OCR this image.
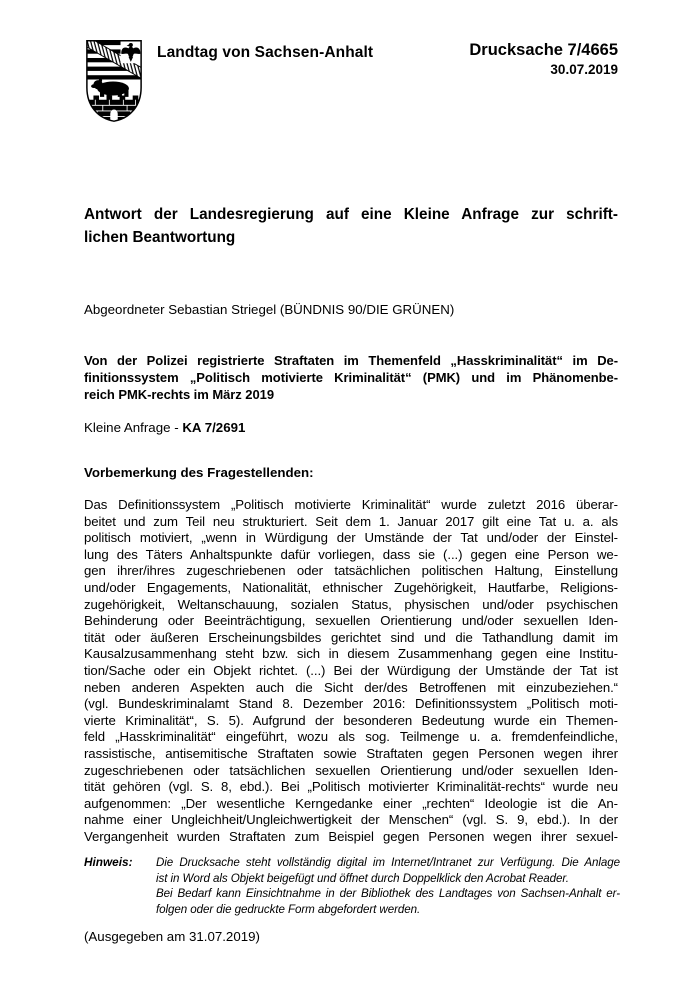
Landtag von Sachsen-Anhalt	Drucksache 7/4665
30.07.2019
Antwort der Landesregierung auf eine Kleine Anfrage zur schrift-
lichen Beantwortung
Abgeordneter Sebastian Striegel (BÜNDNIS 90/DIE GRÜNEN)
Von der Polizei registrierte Straftaten im Themenfeld „Hasskriminalität“ im De-
finitionssystem „Politisch motivierte Kriminalität“ (PMK) und im Phänomenbe-
reich PMK-rechts im März 2019
Kleine Anfrage - KA 7/2691
Vorbemerkung des Fragestellenden:
Das Definitionssystem „Politisch motivierte Kriminalität“ wurde zuletzt 2016 überar-
beitet und zum Teil neu strukturiert. Seit dem 1. Januar 2017 gilt eine Tat u. a. als
politisch motiviert, „wenn in Würdigung der Umstände der Tat und/oder der Einstel-
lung des Täters Anhaltspunkte dafür vorliegen, dass sie (...) gegen eine Person we-
gen ihrer/ihres zugeschriebenen oder tatsächlichen politischen Haltung, Einstellung
und/oder Engagements, Nationalität, ethnischer Zugehörigkeit, Hautfarbe, Religions-
zugehörigkeit, Weltanschauung, sozialen Status, physischen und/oder psychischen
Behinderung oder Beeinträchtigung, sexuellen Orientierung und/oder sexuellen Iden-
tität oder äußeren Erscheinungsbildes gerichtet sind und die Tathandlung damit im
Kausalzusammenhang steht bzw. sich in diesem Zusammenhang gegen eine Institu-
tion/Sache oder ein Objekt richtet. (...) Bei der Würdigung der Umstände der Tat ist
neben anderen Aspekten auch die Sicht der/des Betroffenen mit einzubeziehen.“
(vgl. Bundeskriminalamt Stand 8. Dezember 2016: Definitionssystem „Politisch moti-
vierte Kriminalität“, S. 5). Aufgrund der besonderen Bedeutung wurde ein Themen-
feld „Hasskriminalität“ eingeführt, wozu als sog. Teilmenge u. a. fremdenfeindliche,
rassistische, antisemitische Straftaten sowie Straftaten gegen Personen wegen ihrer
zugeschriebenen oder tatsächlichen sexuellen Orientierung und/oder sexuellen Iden-
tität gehören (vgl. S. 8, ebd.). Bei „Politisch motivierter Kriminalität-rechts“ wurde neu
aufgenommen: „Der wesentliche Kerngedanke einer „rechten“ Ideologie ist die An-
nahme einer Ungleichheit/Ungleichwertigkeit der Menschen“ (vgl. S. 9, ebd.). In der
Vergangenheit wurden Straftaten zum Beispiel gegen Personen wegen ihrer sexuel-
Hinweis:	Die Drucksache steht vollständig digital im Internet/Intranet zur Verfügung. Die Anlage
ist in Word als Objekt beigefügt und öffnet durch Doppelklick den Acrobat Reader.
Bei Bedarf kann Einsichtnahme in der Bibliothek des Landtages von Sachsen-Anhalt er-
folgen oder die gedruckte Form abgefordert werden.
(Ausgegeben am 31.07.2019)
